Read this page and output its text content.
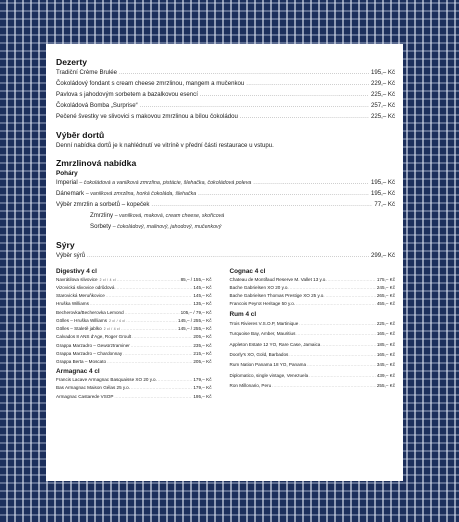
Dezerty
Tradiční Crème Brulée .....	195,– Kč
Čokoládový fondant s cream cheese zmrzlinou, mangem a mučenkou .....	229,– Kč
Pavlova s jahodovým sorbetem a bazalkovou esencí .....	225,– Kč
Čokoládová Bomba „Surprise“ .....	257,– Kč
Pečené švestky ve slivovici s makovou zmrzlinou a bílou čokoládou .....	225,– Kč
Výběr dortů
Denní nabídka dortů je k nahlédnutí ve vitríně v přední části restaurace u vstupu.
Zmrzlinová nabídka
Poháry
Imperial – čokoládová a vanilková zmrzlina, pistácie, šlehačka, čokoládová poleva .....	195,– Kč
Dánemark – vanilková zmrzlina, horká čokoláda, šlehačka .....	195,– Kč
Výběr zmrzlin a sorbetů – kopeček .....	77,– Kč
Zmrzliny – vanilková, maková, cream cheese, skořicová
Sorbety – čokoládový, malinový, jahodový, mučenkový
Sýry
Výběr sýrů .....	299,– Kč
Digestivy 4 cl
Navrátilova slivovice 2 cl / 4 cl .....	85,– / 155,– Kč
Vizovická slivovice odrůdová .....	145,– Kč
Starovická Meruňkovice .....	145,– Kč
Hruška Williams .....	135,– Kč
Becherovka/Becherovka Lemond .....	105,– / 79,– Kč
Gölles – Hruška Williams 2 cl / 4 cl .....	145,– / 255,– Kč
Gölles – Staletě jablko 2 cl / 4 cl .....	145,– / 255,– Kč
Calvados 8 ANS d'Age, Roger Groult .....	205,– Kč
Grappa Marzadro – Gewürztraminer .....	235,– Kč
Grappa Marzadro – Chardonnay .....	215,– Kč
Grappa Berta – Moscato .....	205,– Kč
Armagnac 4 cl
Francis Lacave Armagnac Basquaisse XO 20 y.o. .....	179,– Kč
Bas Armagnac Maison Gélas 25 y.o. .....	179,– Kč
Armagnac Castarede VSOP .....	195,– Kč
Cognac 4 cl
Chateau de Montifaud Reserve M. Vallet 13 y.o. .....	175,– Kč
Bache Gabrielsen XO 20 y.o. .....	245,– Kč
Bache Gabrielsen Thomas Prestige XO 25 y.o. .....	265,– Kč
Francois Peyrot Heritage 50 y.o. .....	455,– Kč
Rum 4 cl
Trois Rivieres V.S.O.P, Martinique .....	225,– Kč
Turquoise Bay, Amber, Mauritius .....	165,– Kč
Appleton Estate 12 YO, Rare Case, Jamaica .....	185,– Kč
Doorly's XO, Gold, Barbados .....	165,– Kč
Rum Nation Panama 18 YO, Panama .....	345,– Kč
Diplomatico, single vintage, Venezuela .....	439,– Kč
Ron Millonario, Peru .....	255,– Kč
